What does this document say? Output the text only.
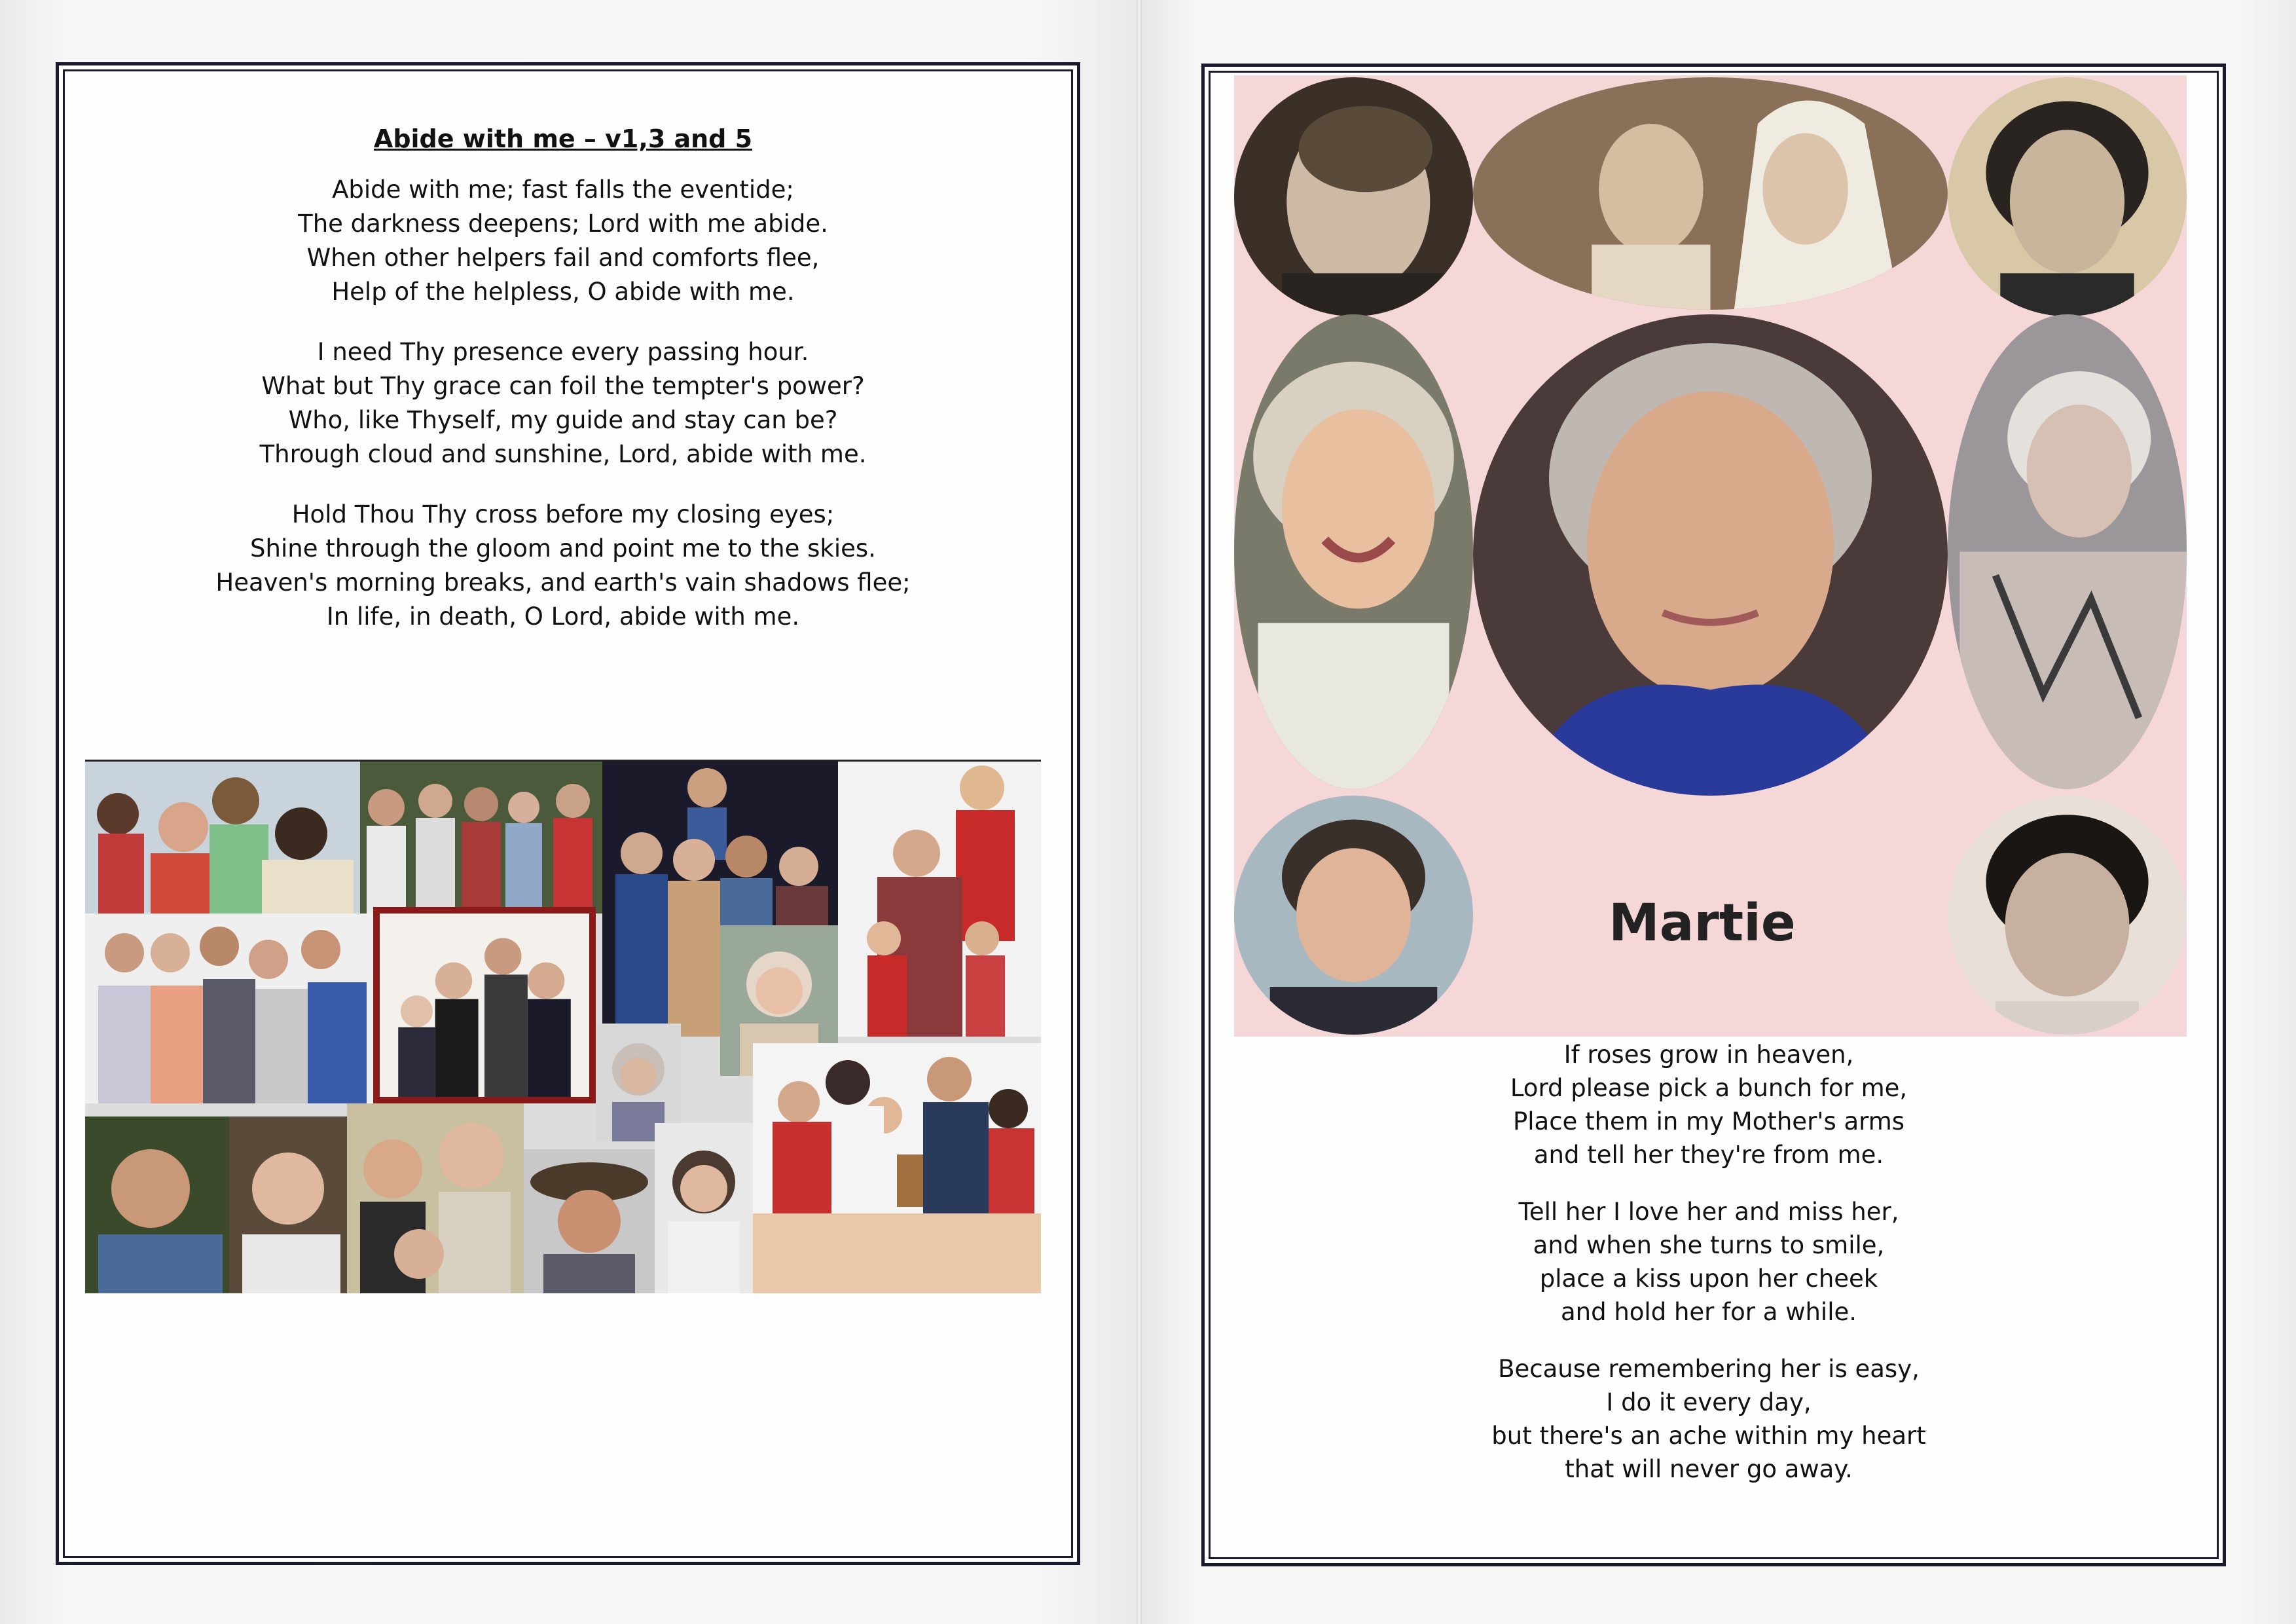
Abide with me – v1,3 and 5
Abide with me; fast falls the eventide;
The darkness deepens; Lord with me abide.
When other helpers fail and comforts flee,
Help of the helpless, O abide with me.
I need Thy presence every passing hour.
What but Thy grace can foil the tempter's power?
Who, like Thyself, my guide and stay can be?
Through cloud and sunshine, Lord, abide with me.
Hold Thou Thy cross before my closing eyes;
Shine through the gloom and point me to the skies.
Heaven's morning breaks, and earth's vain shadows flee;
In life, in death, O Lord, abide with me.
Martie
If roses grow in heaven,
Lord please pick a bunch for me,
Place them in my Mother's arms
and tell her they're from me.
Tell her I love her and miss her,
and when she turns to smile,
place a kiss upon her cheek
and hold her for a while.
Because remembering her is easy,
I do it every day,
but there's an ache within my heart
that will never go away.
